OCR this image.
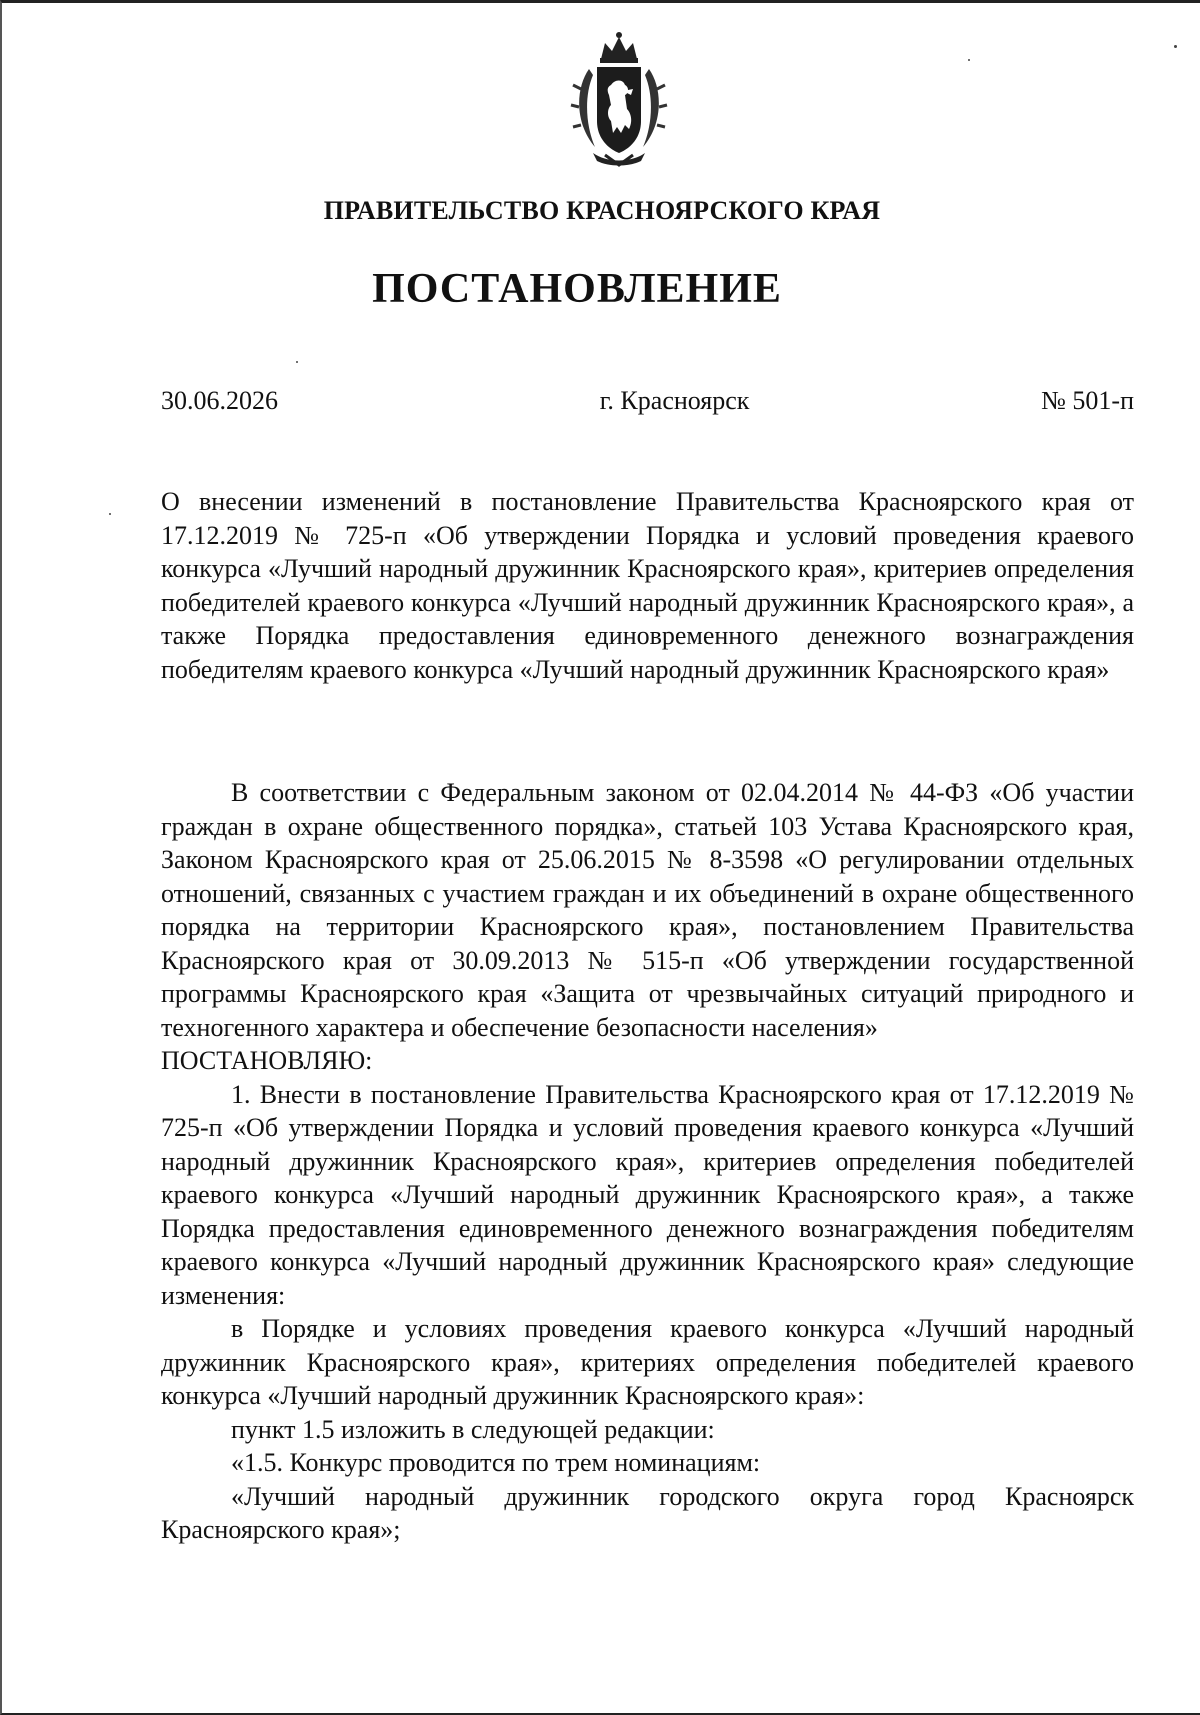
ПРАВИТЕЛЬСТВО КРАСНОЯРСКОГО КРАЯ
ПОСТАНОВЛЕНИЕ
30.06.2026	г. Красноярск	№ 501-п
О внесении изменений в постановление Правительства Красноярского края от 17.12.2019 № 725-п «Об утверждении Порядка и условий проведения краевого конкурса «Лучший народный дружинник Красноярского края», критериев определения победителей краевого конкурса «Лучший народный дружинник Красноярского края», а также Порядка предоставления единовременного денежного вознаграждения победителям краевого конкурса «Лучший народный дружинник Красноярского края»

В соответствии с Федеральным законом от 02.04.2014 № 44-ФЗ «Об участии граждан в охране общественного порядка», статьей 103 Устава Красноярского края, Законом Красноярского края от 25.06.2015 № 8-3598 «О регулировании отдельных отношений, связанных с участием граждан и их объединений в охране общественного порядка на территории Красноярского края», постановлением Правительства Красноярского края от 30.09.2013 № 515-п «Об утверждении государственной программы Красноярского края «Защита от чрезвычайных ситуаций природного и техногенного характера и обеспечение безопасности населения»

ПОСТАНОВЛЯЮ:

1. Внести в постановление Правительства Красноярского края от 17.12.2019 № 725-п «Об утверждении Порядка и условий проведения краевого конкурса «Лучший народный дружинник Красноярского края», критериев определения победителей краевого конкурса «Лучший народный дружинник Красноярского края», а также Порядка предоставления единовременного денежного вознаграждения победителям краевого конкурса «Лучший народный дружинник Красноярского края» следующие изменения:

в Порядке и условиях проведения краевого конкурса «Лучший народный дружинник Красноярского края», критериях определения победителей краевого конкурса «Лучший народный дружинник Красноярского края»:

пункт 1.5 изложить в следующей редакции:

«1.5. Конкурс проводится по трем номинациям:

«Лучший народный дружинник городского округа город Красноярск Красноярского края»;
